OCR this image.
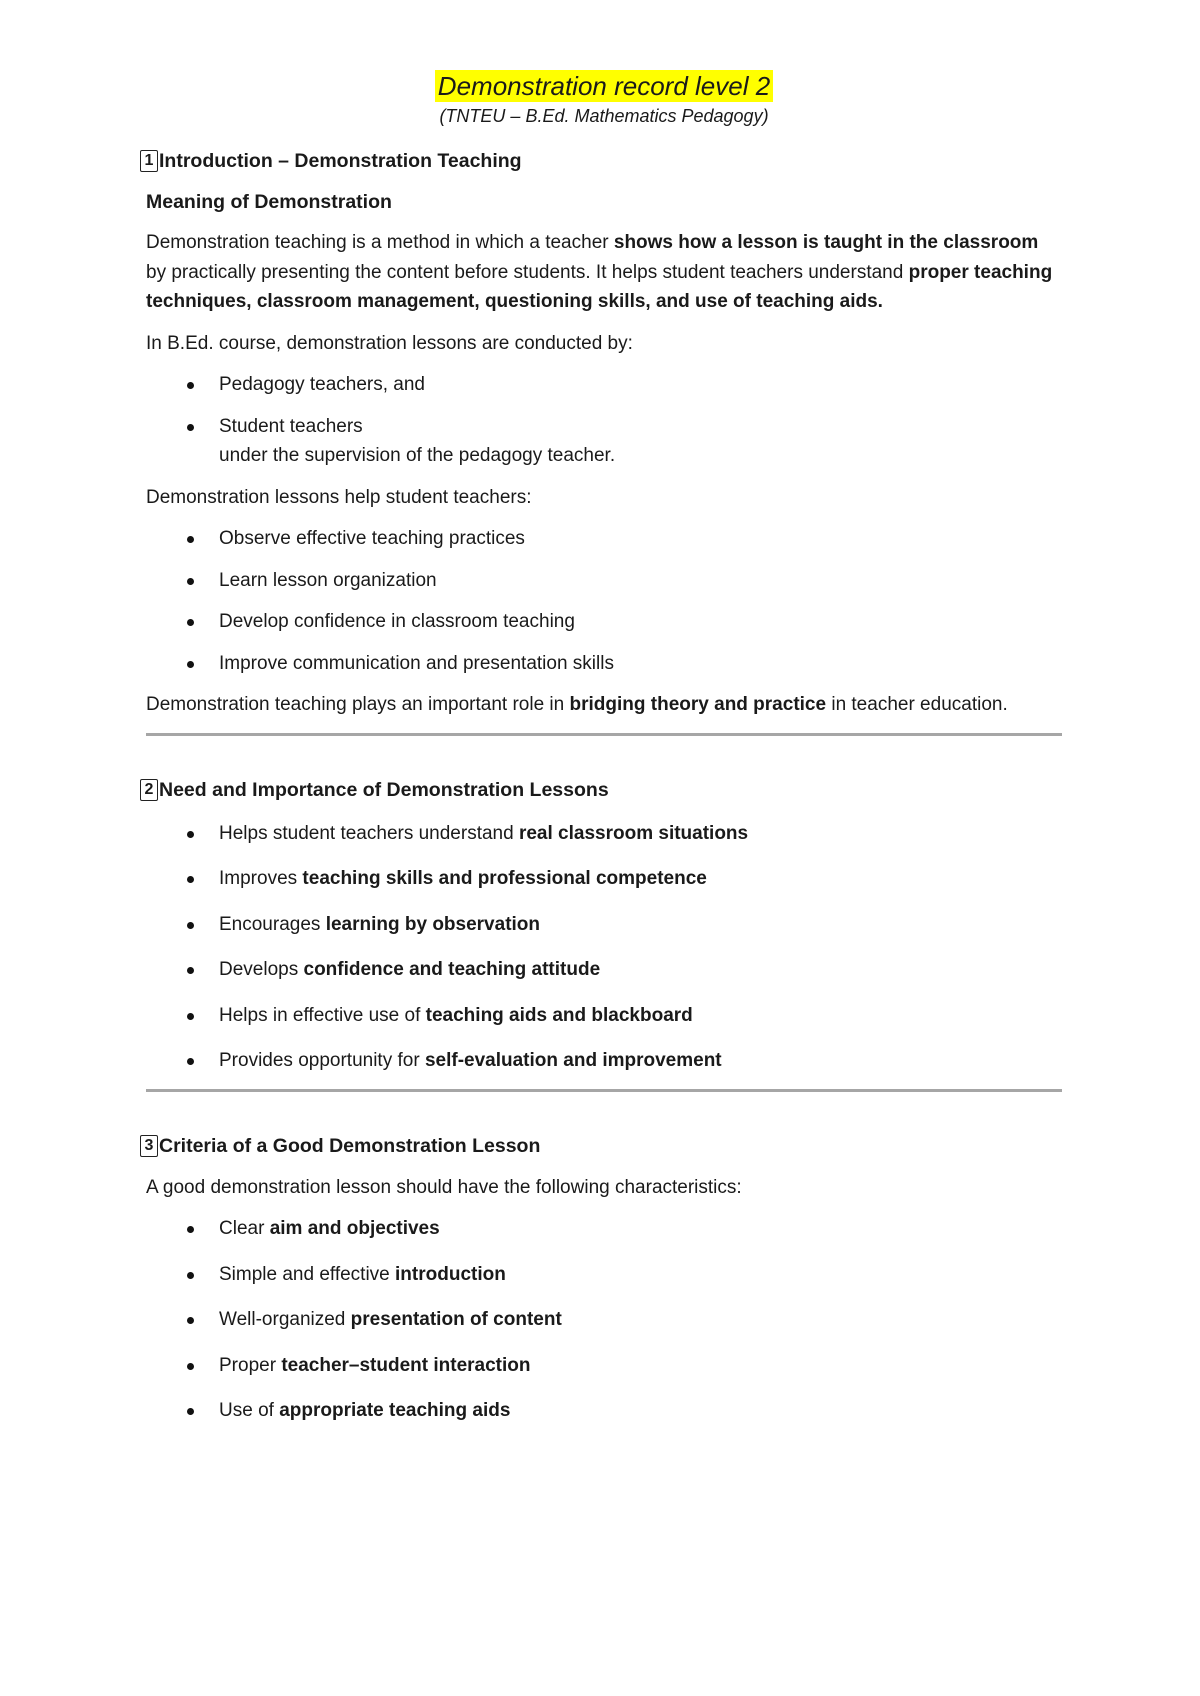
Demonstration record level 2
(TNTEU – B.Ed. Mathematics Pedagogy)
1 Introduction – Demonstration Teaching
Meaning of Demonstration

Demonstration teaching is a method in which a teacher shows how a lesson is taught in the classroom by practically presenting the content before students. It helps student teachers understand proper teaching techniques, classroom management, questioning skills, and use of teaching aids.

In B.Ed. course, demonstration lessons are conducted by:

Pedagogy teachers, and
Student teachers
under the supervision of the pedagogy teacher.

Demonstration lessons help student teachers:

Observe effective teaching practices
Learn lesson organization
Develop confidence in classroom teaching
Improve communication and presentation skills

Demonstration teaching plays an important role in bridging theory and practice in teacher education.

2 Need and Importance of Demonstration Lessons
Helps student teachers understand real classroom situations
Improves teaching skills and professional competence
Encourages learning by observation
Develops confidence and teaching attitude
Helps in effective use of teaching aids and blackboard
Provides opportunity for self-evaluation and improvement
3 Criteria of a Good Demonstration Lesson

A good demonstration lesson should have the following characteristics:

Clear aim and objectives
Simple and effective introduction
Well-organized presentation of content
Proper teacher–student interaction
Use of appropriate teaching aids
